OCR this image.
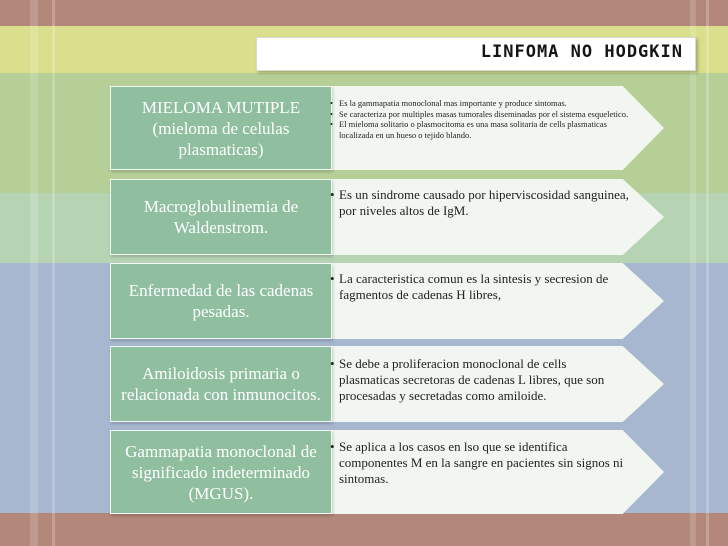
LINFOMA NO HODGKIN
MIELOMA MUTIPLE (mieloma de celulas plasmaticas)
• Es la gammapatia monoclonal mas importante y produce sintomas.
• Se caracteriza por multiples masas tumorales diseminadas por el sistema esqueletico.
• El mieloma solitario o plasmocitoma es una masa solitaria de cells plasmaticas localizada en un hueso o tejido blando.
Macroglobulinemia de Waldenstrom.
• Es un sindrome causado por hiperviscosidad sanguinea, por niveles altos de IgM.
Enfermedad de las cadenas pesadas.
• La caracteristica comun es la sintesis y secresion de fagmentos de cadenas H libres,
Amiloidosis primaria o relacionada con inmunocitos.
• Se debe a proliferacion monoclonal de cells plasmaticas secretoras de cadenas L libres, que son procesadas y secretadas como amiloide.
Gammapatia monoclonal de significado indeterminado (MGUS).
• Se aplica a los casos en lso que se identifica componentes M en la sangre en pacientes sin signos ni sintomas.
